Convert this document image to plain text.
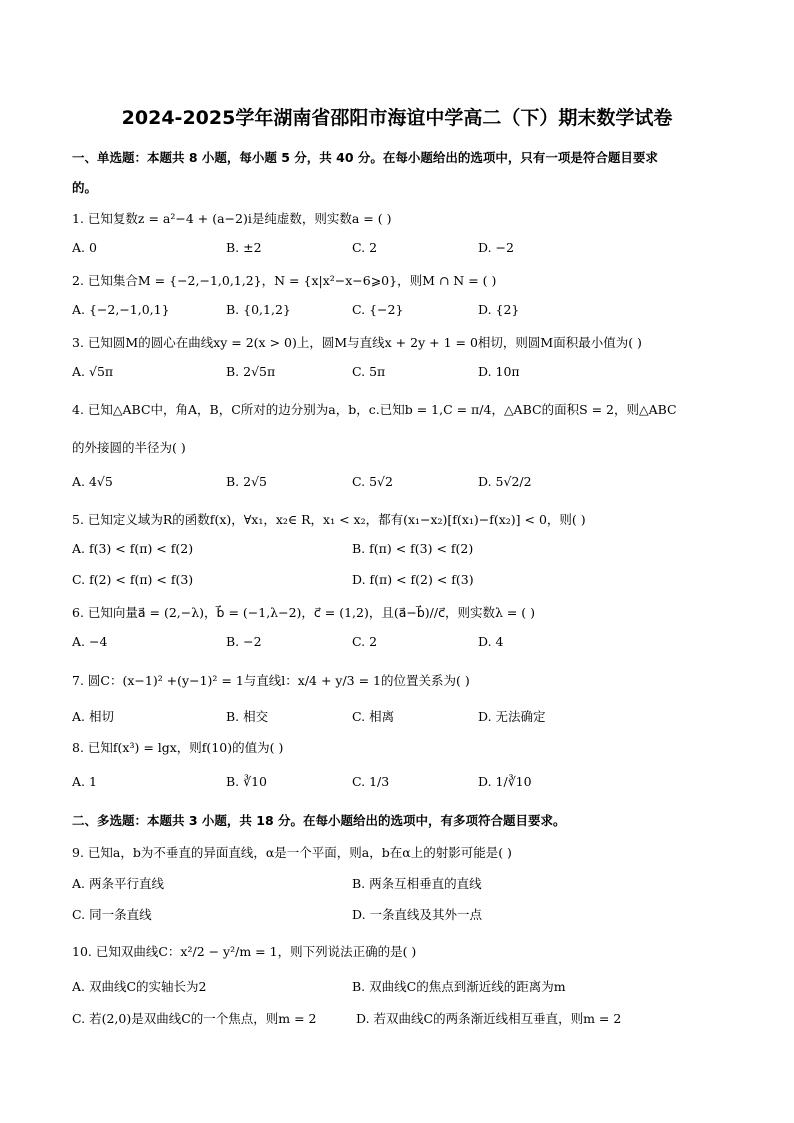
2024-2025学年湖南省邵阳市海谊中学高二（下）期末数学试卷
一、单选题：本题共 8 小题，每小题 5 分，共 40 分。在每小题给出的选项中，只有一项是符合题目要求
的。
1. 已知复数z = a²−4 + (a−2)i是纯虚数，则实数a = ( )
A. 0	B. ±2	C. 2	D. −2
2. 已知集合M = {−2,−1,0,1,2}，N = {x|x²−x−6⩾0}，则M ∩ N = ( )
A. {−2,−1,0,1}	B. {0,1,2}	C. {−2}	D. {2}
3. 已知圆M的圆心在曲线xy = 2(x > 0)上，圆M与直线x + 2y + 1 = 0相切，则圆M面积最小值为( )
A. √5π	B. 2√5π	C. 5π	D. 10π
4. 已知△ABC中，角A，B，C所对的边分别为a，b，c.已知b = 1,C = π/4，△ABC的面积S = 2，则△ABC
的外接圆的半径为( )
A. 4√5	B. 2√5	C. 5√2	D. 5√2/2
5. 已知定义域为R的函数f(x)，∀x₁，x₂∈ R，x₁ < x₂，都有(x₁−x₂)[f(x₁)−f(x₂)] < 0，则( )
A. f(3) < f(π) < f(2)	B. f(π) < f(3) < f(2)
C. f(2) < f(π) < f(3)	D. f(π) < f(2) < f(3)
6. 已知向量a⃗ = (2,−λ)，b⃗ = (−1,λ−2)，c⃗ = (1,2)，且(a⃗−b⃗)//c⃗，则实数λ = ( )
A. −4	B. −2	C. 2	D. 4
7. 圆C：(x−1)² +(y−1)² = 1与直线l：x/4 + y/3 = 1的位置关系为( )
A. 相切	B. 相交	C. 相离	D. 无法确定
8. 已知f(x³) = lgx，则f(10)的值为( )
A. 1	B. ∛10	C. 1/3	D. 1/∛10
二、多选题：本题共 3 小题，共 18 分。在每小题给出的选项中，有多项符合题目要求。
9. 已知a，b为不垂直的异面直线，α是一个平面，则a，b在α上的射影可能是( )
A. 两条平行直线	B. 两条互相垂直的直线
C. 同一条直线	D. 一条直线及其外一点
10. 已知双曲线C：x²/2 − y²/m = 1，则下列说法正确的是( )
A. 双曲线C的实轴长为2	B. 双曲线C的焦点到渐近线的距离为m
C. 若(2,0)是双曲线C的一个焦点，则m = 2	D. 若双曲线C的两条渐近线相互垂直，则m = 2
